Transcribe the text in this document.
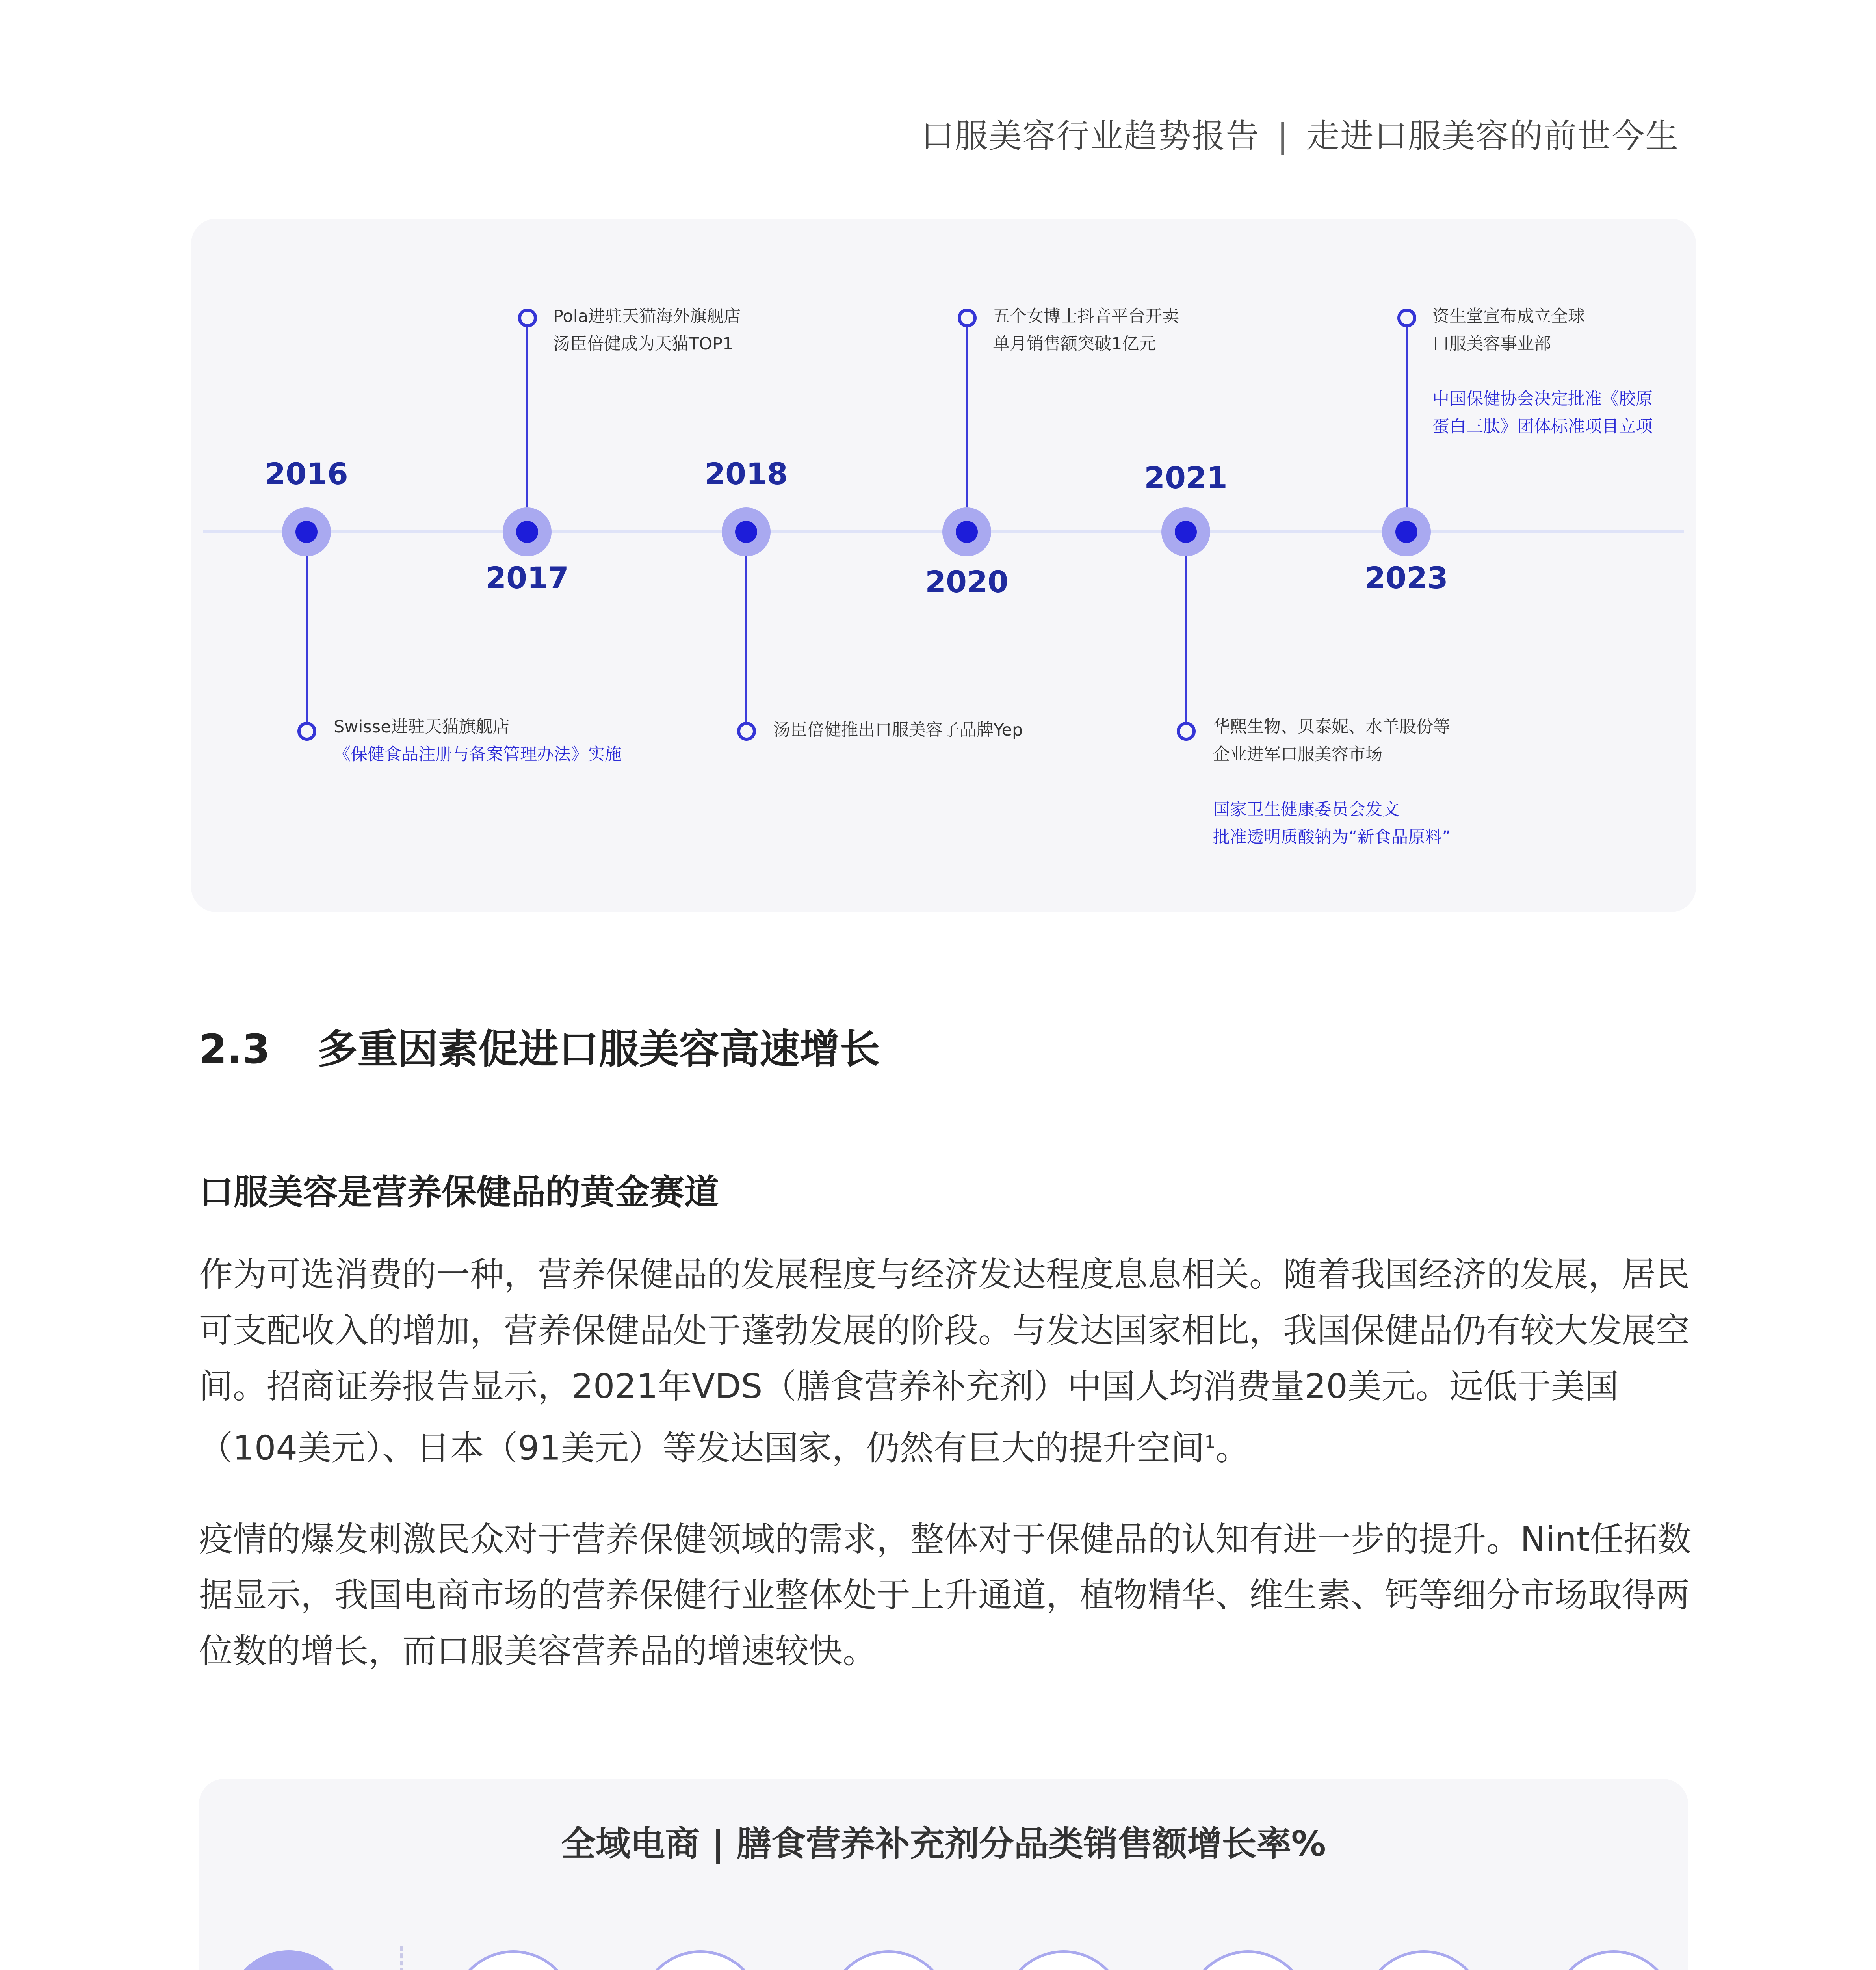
口服美容行业趋势报告 | 走进口服美容的前世今生
2016
Swisse进驻天猫旗舰店
《保健食品注册与备案管理办法》实施
2017
Pola进驻天猫海外旗舰店
汤臣倍健成为天猫TOP1
2018
汤臣倍健推出口服美容子品牌Yep
2020
五个女博士抖音平台开卖
单月销售额突破1亿元
2021
华熙生物、贝泰妮、水羊股份等
企业进军口服美容市场
国家卫生健康委员会发文
批准透明质酸钠为“新食品原料”
2023
资生堂宣布成立全球
口服美容事业部
中国保健协会决定批准《胶原
蛋白三肽》团体标准项目立项
2.3 多重因素促进口服美容高速增长
口服美容是营养保健品的黄金赛道
作为可选消费的一种，营养保健品的发展程度与经济发达程度息息相关。随着我国经济的发展，居民可支配收入的增加，营养保健品处于蓬勃发展的阶段。与发达国家相比，我国保健品仍有较大发展空间。招商证券报告显示，2021年VDS（膳食营养补充剂）中国人均消费量20美元。远低于美国（104美元）、日本（91美元）等发达国家，仍然有巨大的提升空间$^1$。
疫情的爆发刺激民众对于营养保健领域的需求，整体对于保健品的认知有进一步的提升。Nint任拓数据显示，我国电商市场的营养保健行业整体处于上升通道，植物精华、维生素、钙等细分市场取得两位数的增长，而口服美容营养品的增速较快。
全域电商 | 膳食营养补充剂分品类销售额增长率%
